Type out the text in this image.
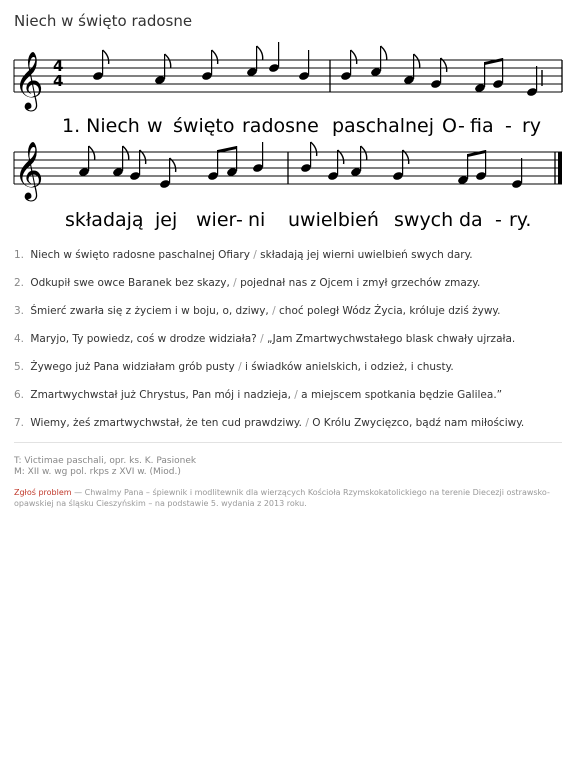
Niech w święto radosne
𝄞
𝄞
4
4
1. Niech w święto radosne paschalnej O - fia - ry
składają jej wier - ni uwielbień swych da - ry.
1. Niech w święto radosne paschalnej Ofiary / składają jej wierni uwielbień swych dary.
2. Odkupił swe owce Baranek bez skazy, / pojednał nas z Ojcem i zmył grzechów zmazy.
3. Śmierć zwarła się z życiem i w boju, o, dziwy, / choć poległ Wódz Życia, króluje dziś żywy.
4. Maryjo, Ty powiedz, coś w drodze widziała? / „Jam Zmartwychwstałego blask chwały ujrzała.
5. Żywego już Pana widziałam grób pusty / i świadków anielskich, i odzież, i chusty.
6. Zmartwychwstał już Chrystus, Pan mój i nadzieja, / a miejscem spotkania będzie Galilea.”
7. Wiemy, żeś zmartwychwstał, że ten cud prawdziwy. / O Królu Zwycięzco, bądź nam miłościwy.
T: Victimae paschali, opr. ks. K. Pasionek
M: XII w. wg pol. rkps z XVI w. (Miod.)
Zgłoś problem — Chwalmy Pana – śpiewnik i modlitewnik dla wierzących Kościoła Rzymskokatolickiego na terenie Diecezji ostrawsko-opawskiej na śląsku Cieszyńskim – na podstawie 5. wydania z 2013 roku.
